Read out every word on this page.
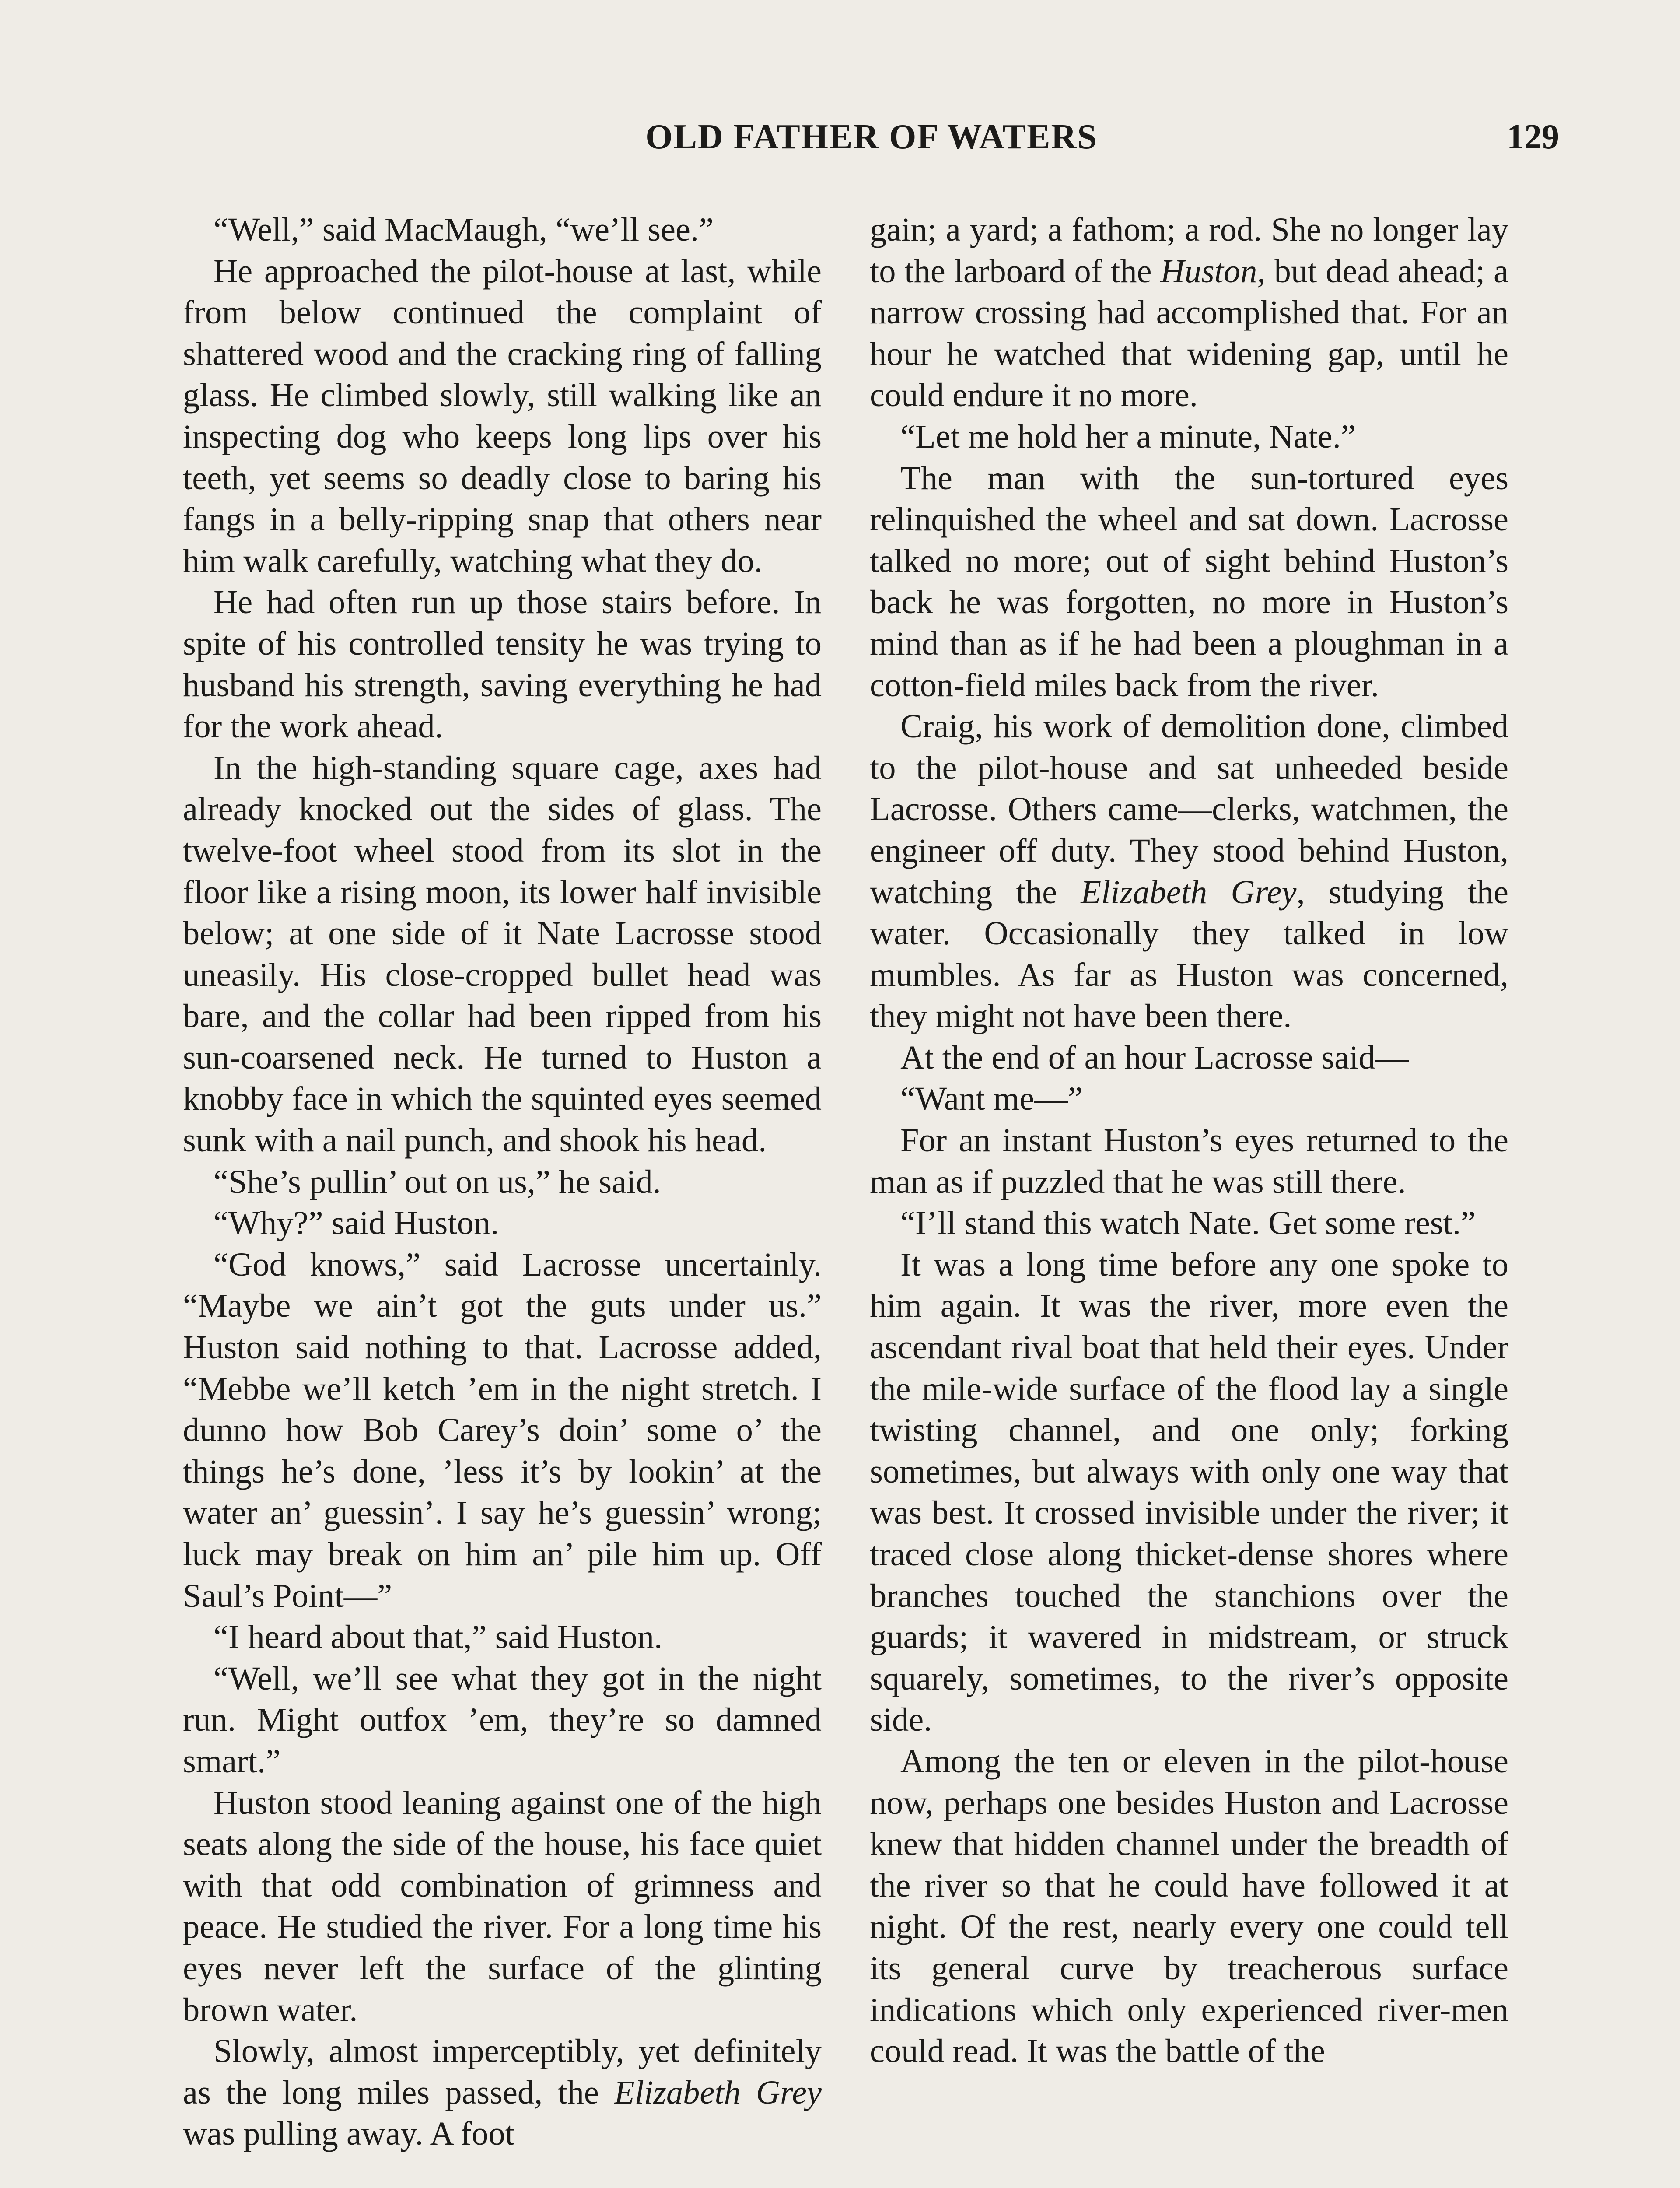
OLD FATHER OF WATERS	129

“Well,” said MacMaugh, “we’ll see.”

He approached the pilot-house at last, while from below continued the complaint of shattered wood and the cracking ring of falling glass. He climbed slowly, still walking like an inspecting dog who keeps long lips over his teeth, yet seems so deadly close to baring his fangs in a belly-ripping snap that others near him walk carefully, watching what they do.

He had often run up those stairs before. In spite of his controlled tensity he was trying to husband his strength, saving everything he had for the work ahead.

In the high-standing square cage, axes had already knocked out the sides of glass. The twelve-foot wheel stood from its slot in the floor like a rising moon, its lower half invisible below; at one side of it Nate Lacrosse stood uneasily. His close-cropped bullet head was bare, and the collar had been ripped from his sun-coarsened neck. He turned to Huston a knobby face in which the squinted eyes seemed sunk with a nail punch, and shook his head.

“She’s pullin’ out on us,” he said.

“Why?” said Huston.

“God knows,” said Lacrosse uncertainly. “Maybe we ain’t got the guts under us.” Huston said nothing to that. Lacrosse added, “Mebbe we’ll ketch ’em in the night stretch. I dunno how Bob Carey’s doin’ some o’ the things he’s done, ’less it’s by lookin’ at the water an’ guessin’. I say he’s guessin’ wrong; luck may break on him an’ pile him up. Off Saul’s Point—”

“I heard about that,” said Huston.

“Well, we’ll see what they got in the night run. Might outfox ’em, they’re so damned smart.”

Huston stood leaning against one of the high seats along the side of the house, his face quiet with that odd combination of grimness and peace. He studied the river. For a long time his eyes never left the surface of the glinting brown water.

Slowly, almost imperceptibly, yet definitely as the long miles passed, the Elizabeth Grey was pulling away. A foot

gain; a yard; a fathom; a rod. She no longer lay to the larboard of the Huston, but dead ahead; a narrow crossing had accomplished that. For an hour he watched that widening gap, until he could endure it no more.

“Let me hold her a minute, Nate.”

The man with the sun-tortured eyes relinquished the wheel and sat down. Lacrosse talked no more; out of sight behind Huston’s back he was forgotten, no more in Huston’s mind than as if he had been a ploughman in a cotton-field miles back from the river.

Craig, his work of demolition done, climbed to the pilot-house and sat unheeded beside Lacrosse. Others came—clerks, watchmen, the engineer off duty. They stood behind Huston, watching the Elizabeth Grey, studying the water. Occasionally they talked in low mumbles. As far as Huston was concerned, they might not have been there.

At the end of an hour Lacrosse said—

“Want me—”

For an instant Huston’s eyes returned to the man as if puzzled that he was still there.

“I’ll stand this watch Nate. Get some rest.”

It was a long time before any one spoke to him again. It was the river, more even the ascendant rival boat that held their eyes. Under the mile-wide surface of the flood lay a single twisting channel, and one only; forking sometimes, but always with only one way that was best. It crossed invisible under the river; it traced close along thicket-dense shores where branches touched the stanchions over the guards; it wavered in midstream, or struck squarely, sometimes, to the river’s opposite side.

Among the ten or eleven in the pilot-house now, perhaps one besides Huston and Lacrosse knew that hidden channel under the breadth of the river so that he could have followed it at night. Of the rest, nearly every one could tell its general curve by treacherous surface indications which only experienced river-men could read. It was the battle of the
